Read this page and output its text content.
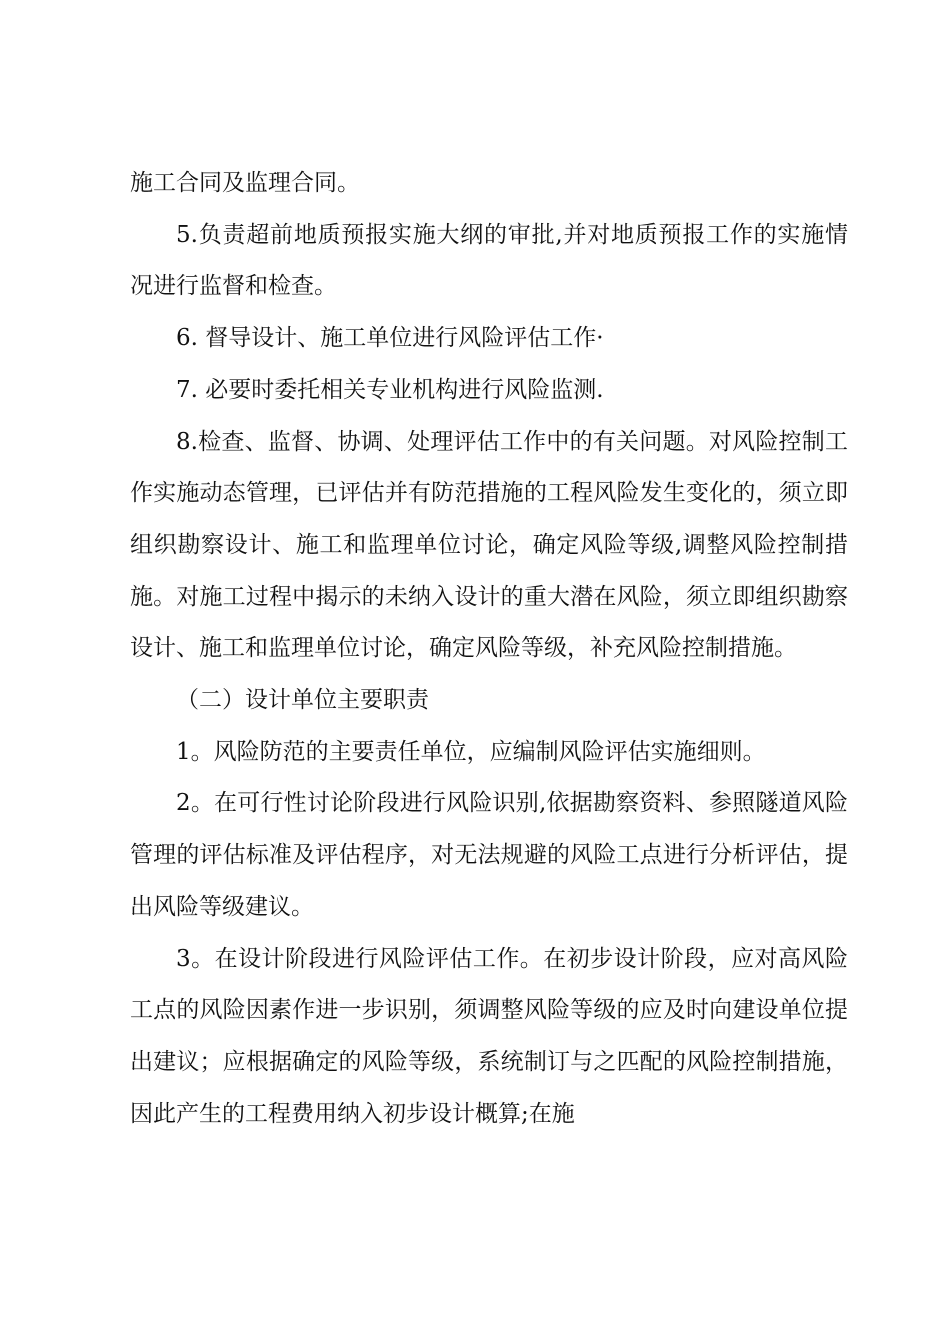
施工合同及监理合同。

5.负责超前地质预报实施大纲的审批,并对地质预报工作的实施情况进行监督和检查。

6. 督导设计、施工单位进行风险评估工作·

7. 必要时委托相关专业机构进行风险监测.

8.检查、监督、协调、处理评估工作中的有关问题。对风险控制工作实施动态管理，已评估并有防范措施的工程风险发生变化的，须立即组织勘察设计、施工和监理单位讨论，确定风险等级,调整风险控制措施。对施工过程中揭示的未纳入设计的重大潜在风险，须立即组织勘察设计、施工和监理单位讨论，确定风险等级，补充风险控制措施。

（二）设计单位主要职责

1。风险防范的主要责任单位，应编制风险评估实施细则。

2。在可行性讨论阶段进行风险识别,依据勘察资料、参照隧道风险管理的评估标准及评估程序，对无法规避的风险工点进行分析评估，提出风险等级建议。

3。在设计阶段进行风险评估工作。在初步设计阶段，应对高风险工点的风险因素作进一步识别，须调整风险等级的应及时向建设单位提出建议；应根据确定的风险等级，系统制订与之匹配的风险控制措施，因此产生的工程费用纳入初步设计概算;在施
